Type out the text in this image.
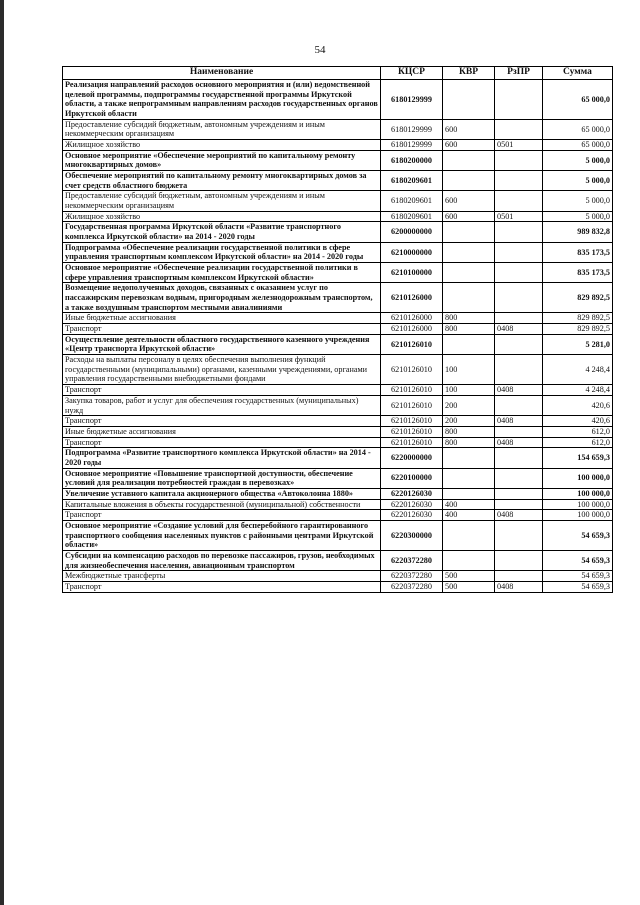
54
Наименование	КЦСР	КВР	РзПР	Сумма
Реализация направлений расходов основного мероприятия и (или) ведомственной целевой программы, подпрограммы государственной программы Иркутской области, а также непрограммным направлениям расходов государственных органов Иркутской области	6180129999			65 000,0
Предоставление субсидий бюджетным, автономным учреждениям и иным некоммерческим организациям	6180129999	600		65 000,0
Жилищное хозяйство	6180129999	600	0501	65 000,0
Основное мероприятие «Обеспечение мероприятий по капитальному ремонту многоквартирных домов»	6180200000			5 000,0
Обеспечение мероприятий по капитальному ремонту многоквартирных домов за счет средств областного бюджета	6180209601			5 000,0
Предоставление субсидий бюджетным, автономным учреждениям и иным некоммерческим организациям	6180209601	600		5 000,0
Жилищное хозяйство	6180209601	600	0501	5 000,0
Государственная программа Иркутской области «Развитие транспортного комплекса Иркутской области» на 2014 - 2020 годы	6200000000			989 832,8
Подпрограмма «Обеспечение реализации государственной политики в сфере управления транспортным комплексом Иркутской области» на 2014 - 2020 годы	6210000000			835 173,5
Основное мероприятие «Обеспечение реализации государственной политики в сфере управления транспортным комплексом Иркутской области»	6210100000			835 173,5
Возмещение недополученных доходов, связанных с оказанием услуг по пассажирским перевозкам водным, пригородным железнодорожным транспортом, а также воздушным транспортом местными авиалиниями	6210126000			829 892,5
Иные бюджетные ассигнования	6210126000	800		829 892,5
Транспорт	6210126000	800	0408	829 892,5
Осуществление деятельности областного государственного казенного учреждения «Центр транспорта Иркутской области»	6210126010			5 281,0
Расходы на выплаты персоналу в целях обеспечения выполнения функций государственными (муниципальными) органами, казенными учреждениями, органами управления государственными внебюджетными фондами	6210126010	100		4 248,4
Транспорт	6210126010	100	0408	4 248,4
Закупка товаров, работ и услуг для обеспечения государственных (муниципальных) нужд	6210126010	200		420,6
Транспорт	6210126010	200	0408	420,6
Иные бюджетные ассигнования	6210126010	800		612,0
Транспорт	6210126010	800	0408	612,0
Подпрограмма «Развитие транспортного комплекса Иркутской области» на 2014 - 2020 годы	6220000000			154 659,3
Основное мероприятие «Повышение транспортной доступности, обеспечение условий для реализации потребностей граждан в перевозках»	6220100000			100 000,0
Увеличение уставного капитала акционерного общества «Автоколонна 1880»	6220126030			100 000,0
Капитальные вложения в объекты государственной (муниципальной) собственности	6220126030	400		100 000,0
Транспорт	6220126030	400	0408	100 000,0
Основное мероприятие «Создание условий для бесперебойного гарантированного транспортного сообщения населенных пунктов с районными центрами Иркутской области»	6220300000			54 659,3
Субсидии на компенсацию расходов по перевозке пассажиров, грузов, необходимых для жизнеобеспечения населения, авиационным транспортом	6220372280			54 659,3
Межбюджетные трансферты	6220372280	500		54 659,3
Транспорт	6220372280	500	0408	54 659,3
